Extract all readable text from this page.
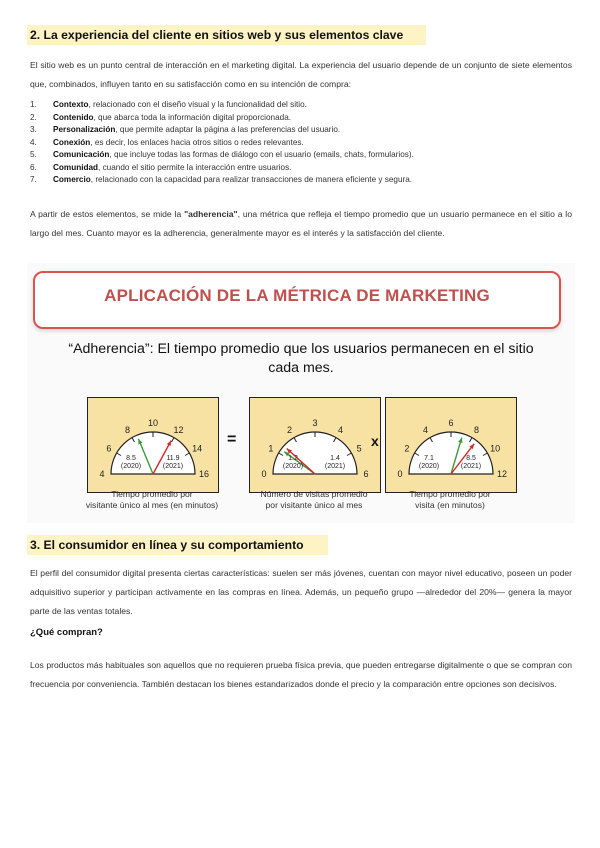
2. La experiencia del cliente en sitios web y sus elementos clave

El sitio web es un punto central de interacción en el marketing digital. La experiencia del usuario depende de un conjunto de siete elementos que, combinados, influyen tanto en su satisfacción como en su intención de compra:

1. Contexto, relacionado con el diseño visual y la funcionalidad del sitio.
2. Contenido, que abarca toda la información digital proporcionada.
3. Personalización, que permite adaptar la página a las preferencias del usuario.
4. Conexión, es decir, los enlaces hacia otros sitios o redes relevantes.
5. Comunicación, que incluye todas las formas de diálogo con el usuario (emails, chats, formularios).
6. Comunidad, cuando el sitio permite la interacción entre usuarios.
7. Comercio, relacionado con la capacidad para realizar transacciones de manera eficiente y segura.

A partir de estos elementos, se mide la "adherencia", una métrica que refleja el tiempo promedio que un usuario permanece en el sitio a lo largo del mes. Cuanto mayor es la adherencia, generalmente mayor es el interés y la satisfacción del cliente.

APLICACIÓN DE LA MÉTRICA DE MARKETING
“Adherencia”: El tiempo promedio que los usuarios permanecen en el sitio
cada mes.
4
6
8
10
12
14
16
8.5
(2020)
11.9
(2021)
=
0
1
2
3
4
5
6
1.2
(2020)
1.4
(2021)
x
0
2
4
6
8
10
12
7.1
(2020)
8.5
(2021)
Tiempo promedio por
visitante único al mes (en minutos)
Número de visitas promedio
por visitante único al mes
Tiempo promedio por
visita (en minutos)
3. El consumidor en línea y su comportamiento

El perfil del consumidor digital presenta ciertas características: suelen ser más jóvenes, cuentan con mayor nivel educativo, poseen un poder adquisitivo superior y participan activamente en las compras en línea. Además, un pequeño grupo —alrededor del 20%— genera la mayor parte de las ventas totales.

¿Qué compran?

Los productos más habituales son aquellos que no requieren prueba física previa, que pueden entregarse digitalmente o que se compran con frecuencia por conveniencia. También destacan los bienes estandarizados donde el precio y la comparación entre opciones son decisivos.
